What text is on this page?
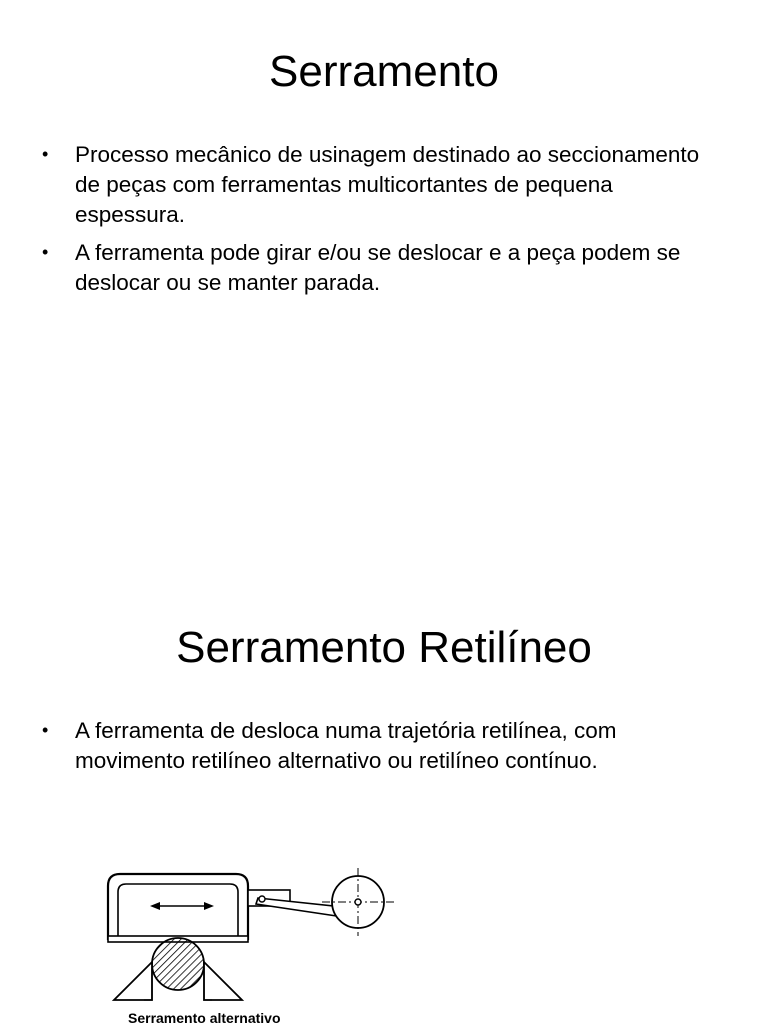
Serramento
• Processo mecânico de usinagem destinado ao seccionamento de peças com ferramentas multicortantes de pequena espessura.
• A ferramenta pode girar e/ou se deslocar e a peça podem se deslocar ou se manter parada.
Serramento Retilíneo
• A ferramenta de desloca numa trajetória retilínea, com movimento retilíneo alternativo ou retilíneo contínuo.
Serramento alternativo
